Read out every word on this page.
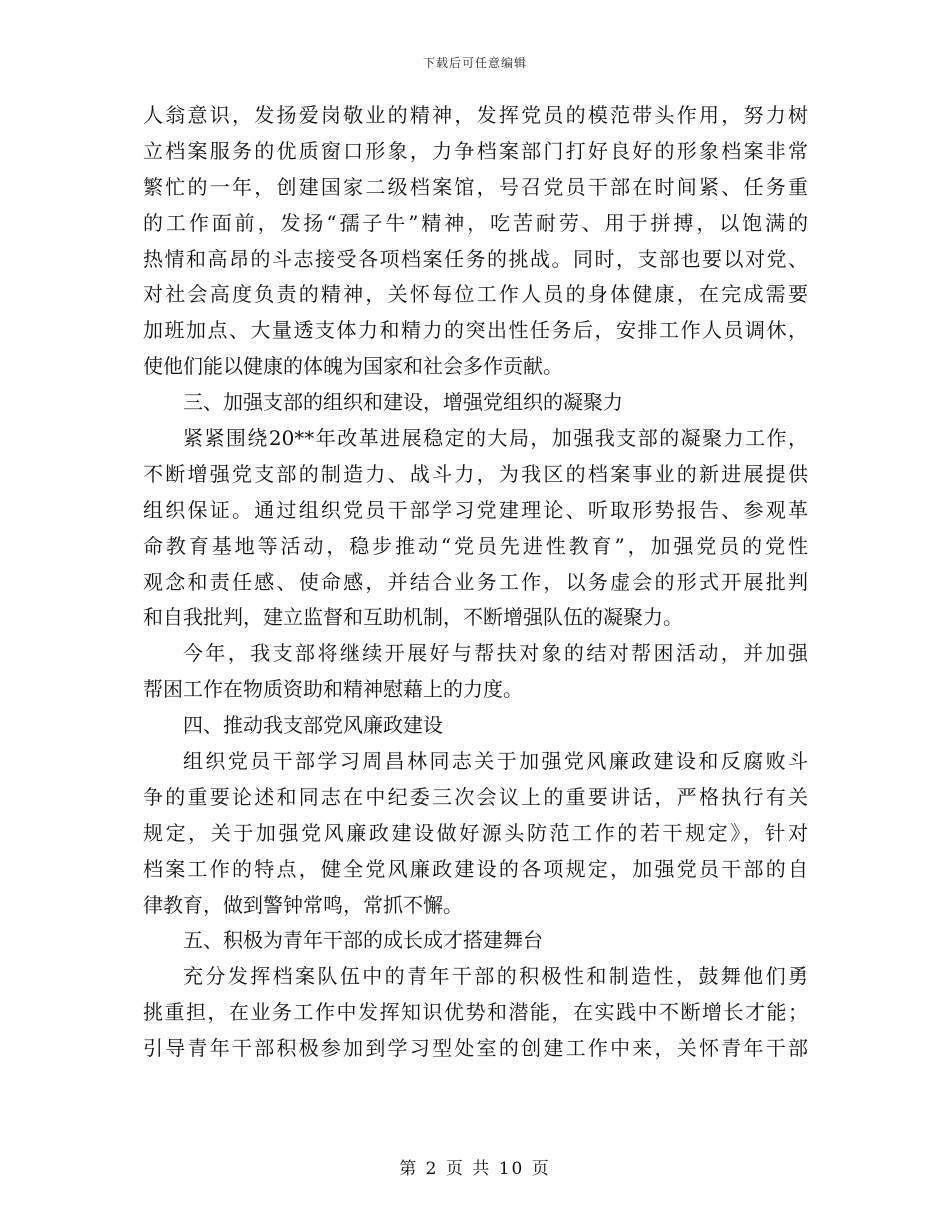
下载后可任意编辑
人翁意识，发扬爱岗敬业的精神，发挥党员的模范带头作用，努力树
立档案服务的优质窗口形象，力争档案部门打好良好的形象档案非常
繁忙的一年，创建国家二级档案馆，号召党员干部在时间紧、任务重
的工作面前，发扬“孺子牛”精神，吃苦耐劳、用于拼搏，以饱满的
热情和高昂的斗志接受各项档案任务的挑战。同时，支部也要以对党、
对社会高度负责的精神，关怀每位工作人员的身体健康，在完成需要
加班加点、大量透支体力和精力的突出性任务后，安排工作人员调休，
使他们能以健康的体魄为国家和社会多作贡献。
三、加强支部的组织和建设，增强党组织的凝聚力
紧紧围绕20**年改革进展稳定的大局，加强我支部的凝聚力工作，
不断增强党支部的制造力、战斗力，为我区的档案事业的新进展提供
组织保证。通过组织党员干部学习党建理论、听取形势报告、参观革
命教育基地等活动，稳步推动“党员先进性教育”，加强党员的党性
观念和责任感、使命感，并结合业务工作，以务虚会的形式开展批判
和自我批判，建立监督和互助机制，不断增强队伍的凝聚力。
今年，我支部将继续开展好与帮扶对象的结对帮困活动，并加强
帮困工作在物质资助和精神慰藉上的力度。
四、推动我支部党风廉政建设
组织党员干部学习周昌林同志关于加强党风廉政建设和反腐败斗
争的重要论述和同志在中纪委三次会议上的重要讲话，严格执行有关
规定，关于加强党风廉政建设做好源头防范工作的若干规定》，针对
档案工作的特点，健全党风廉政建设的各项规定，加强党员干部的自
律教育，做到警钟常鸣，常抓不懈。
五、积极为青年干部的成长成才搭建舞台
充分发挥档案队伍中的青年干部的积极性和制造性，鼓舞他们勇
挑重担，在业务工作中发挥知识优势和潜能，在实践中不断增长才能；
引导青年干部积极参加到学习型处室的创建工作中来，关怀青年干部
第 2 页 共 10 页
